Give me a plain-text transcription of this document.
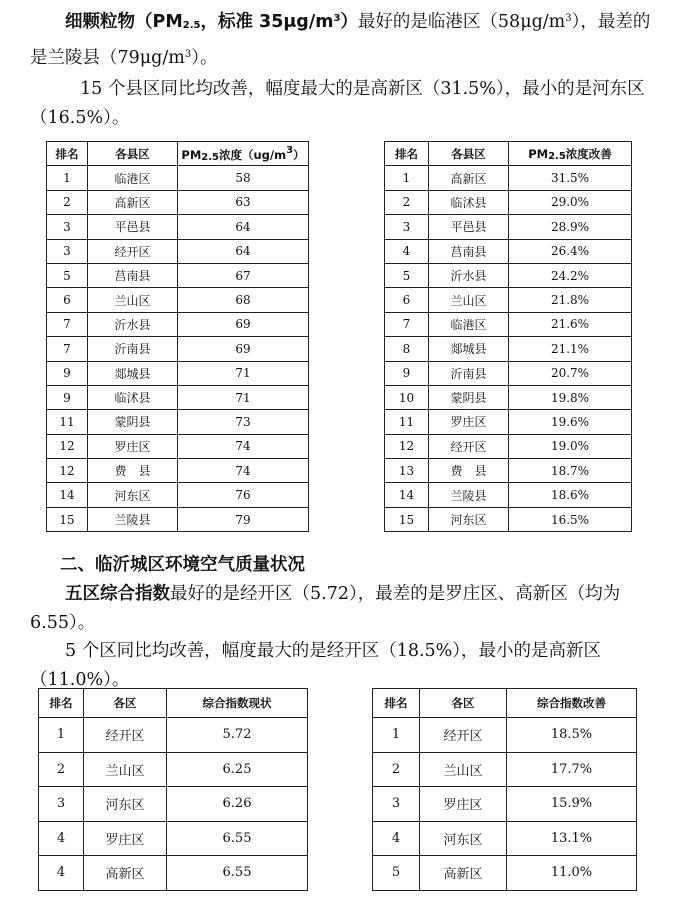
细颗粒物（$PM_{2.5}$，标准 $35\mu g/m^3$）最好的是临港区$(58\mu g/m^3)$，最差的是兰陵县$(79\mu g/m^3)$。

15 个县区同比均改善，幅度最大的是高新区（31.5%），最小的是河东区（16.5%）。

排名	各县区	$PM_{2.5}$浓度$(ug/m^3)$
1	临港区	58
2	高新区	63
3	平邑县	64
3	经开区	64
5	莒南县	67
6	兰山区	68
7	沂水县	69
7	沂南县	69
9	郯城县	71
9	临沭县	71
11	蒙阴县	73
12	罗庄区	74
12	费　县	74
14	河东区	76
15	兰陵县	79
排名	各县区	$PM_{2.5}$浓度改善
1	高新区	31.5%
2	临沭县	29.0%
3	平邑县	28.9%
4	莒南县	26.4%
5	沂水县	24.2%
6	兰山区	21.8%
7	临港区	21.6%
8	郯城县	21.1%
9	沂南县	20.7%
10	蒙阴县	19.8%
11	罗庄区	19.6%
12	经开区	19.0%
13	费　县	18.7%
14	兰陵县	18.6%
15	河东区	16.5%
二、临沂城区环境空气质量状况

五区综合指数最好的是经开区（5.72），最差的是罗庄区、高新区（均为 6.55）。

5 个区同比均改善，幅度最大的是经开区（18.5%），最小的是高新区（11.0%）。

排名	各区	综合指数现状
1	经开区	5.72
2	兰山区	6.25
3	河东区	6.26
4	罗庄区	6.55
4	高新区	6.55
排名	各区	综合指数改善
1	经开区	18.5%
2	兰山区	17.7%
3	罗庄区	15.9%
4	河东区	13.1%
5	高新区	11.0%
